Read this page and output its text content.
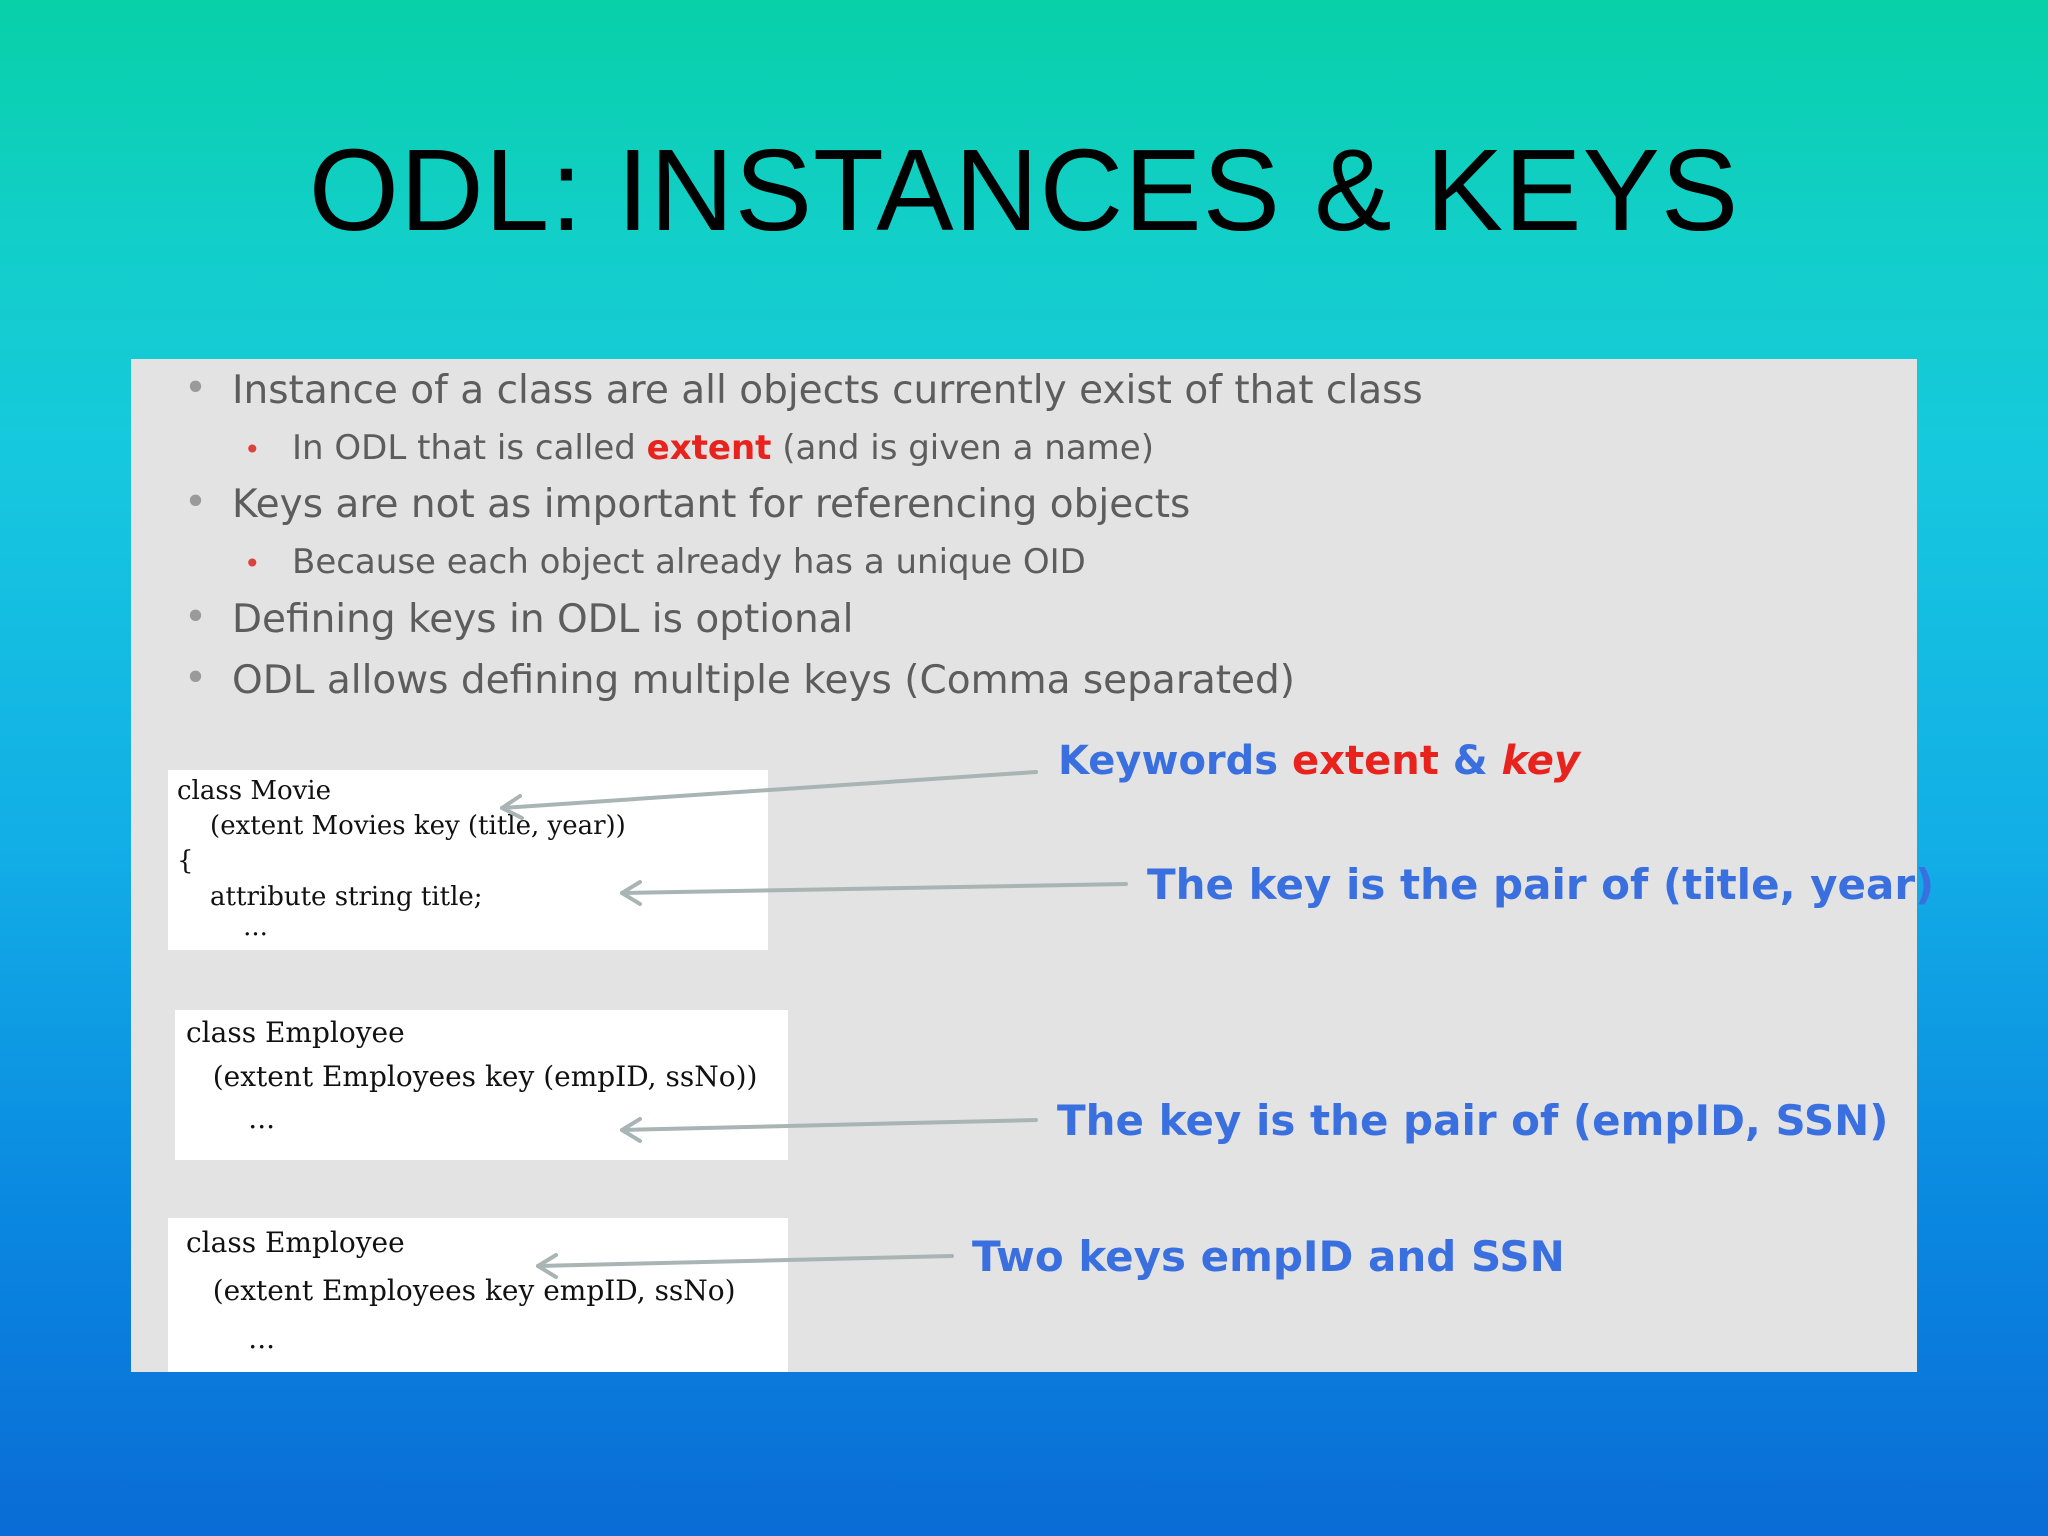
ODL: INSTANCES & KEYS
• Instance of a class are all objects currently exist of that class
• In ODL that is called extent (and is given a name)
• Keys are not as important for referencing objects
• Because each object already has a unique OID
• Defining keys in ODL is optional
• ODL allows defining multiple keys (Comma separated)
class Movie
(extent Movies key (title, year))
{
attribute string title;
...
class Employee
(extent Employees key (empID, ssNo))
...
class Employee
(extent Employees key empID, ssNo)
...
Keywords extent & key
The key is the pair of (title, year)
The key is the pair of (empID, SSN)
Two keys empID and SSN
